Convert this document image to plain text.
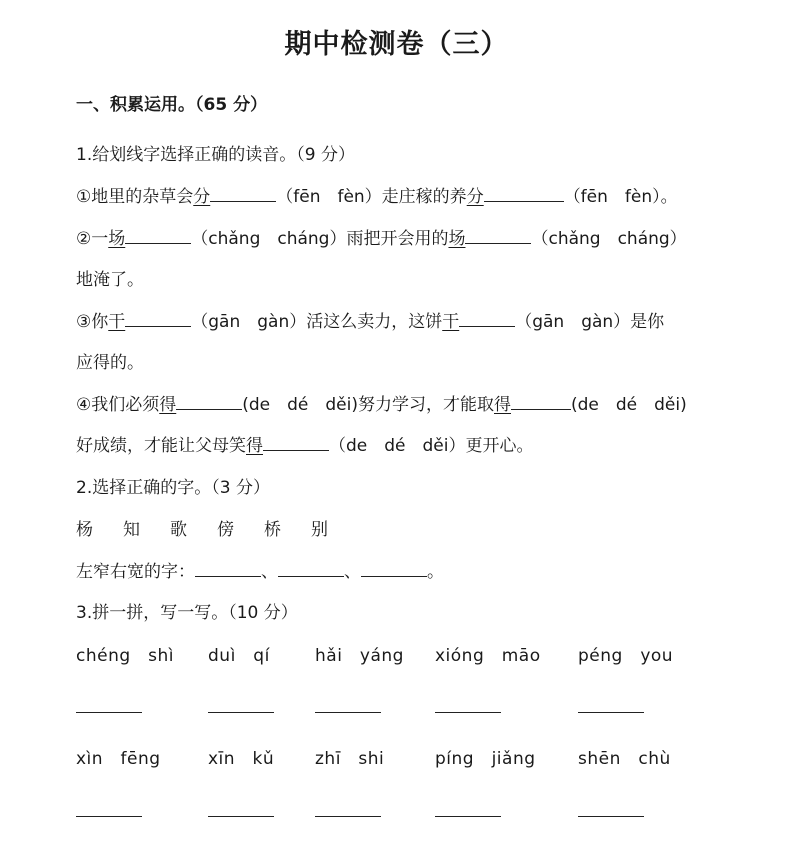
期中检测卷（三）
一、积累运用。（65 分）
1.给划线字选择正确的读音。（9 分）
①地里的杂草会分	（fēn　fèn）走庄稼的养分	（fēn　fèn）。
②一场	（chǎng　cháng）雨把开会用的场	（chǎng　cháng）
地淹了。
③你干	（gān　gàn）活这么卖力，这饼干	（gān　gàn）是你
应得的。
④我们必须得	(de　dé　děi)努力学习，才能取得	(de　dé　děi)
好成绩，才能让父母笑得	（de　dé　děi）更开心。
2.选择正确的字。（3 分）
杨 知 歌 傍 桥 别
左窄右宽的字：	、	、	。
3.拼一拼，写一写。（10 分）
chéng　shì duì　qí	hǎi　yáng xióng　māo péng　you
xìn　fēng	xīn　kǔ zhī　shi	píng　jiǎng shēn　chù
